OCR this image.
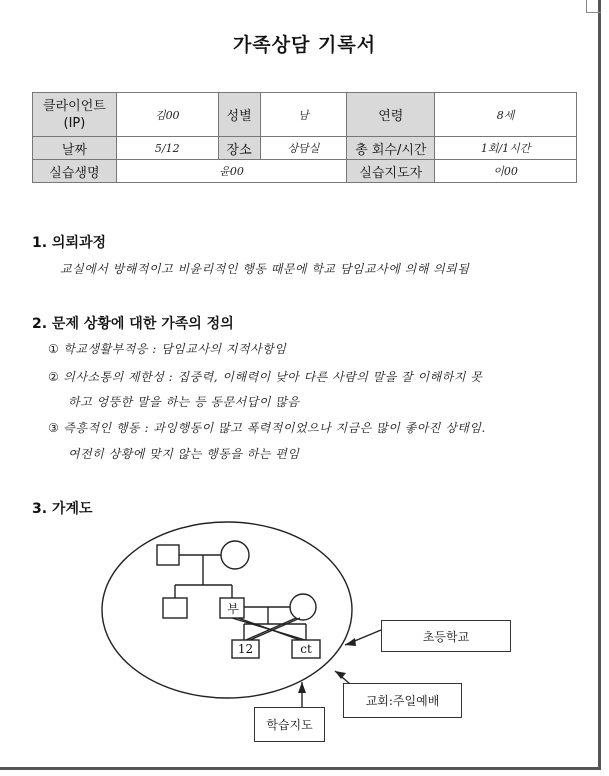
가족상담 기록서
클라이언트
(IP)	김00	성별	남	연령	8세
날짜	5/12	장소	상담실	총 회수/시간	1회/1시간
실습생명	윤00			실습지도자	이00
1. 의뢰과정
교실에서 방해적이고 비윤리적인 행동 때문에 학교 담임교사에 의해 의뢰됨
2. 문제 상황에 대한 가족의 정의
① 학교생활부적응 : 담임교사의 지적사항임
② 의사소통의 제한성 : 집중력, 이해력이 낮아 다른 사람의 말을 잘 이해하지 못
하고 엉뚱한 말을 하는 등 동문서답이 많음
③ 즉흥적인 행동 : 과잉행동이 많고 폭력적이었으나 지금은 많이 좋아진 상태임.
여전히 상황에 맞지 않는 행동을 하는 편임
3. 가계도
부
12	ct
초등학교
교회:주일예배
학습지도
